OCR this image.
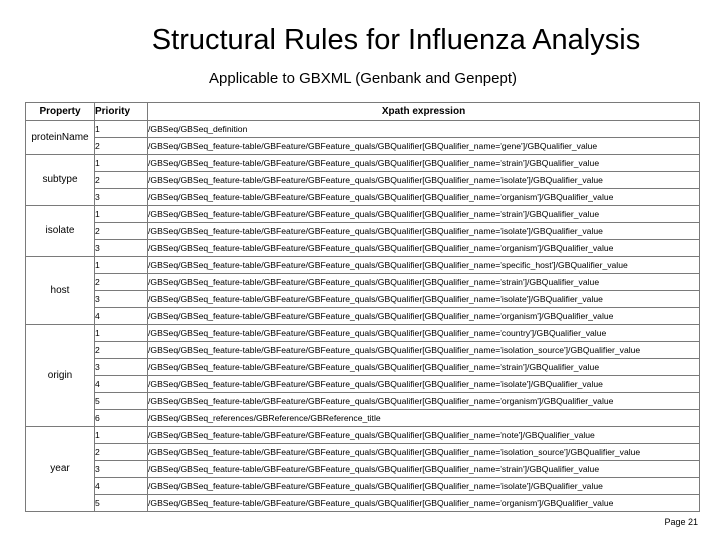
Structural Rules for Influenza Analysis
Applicable to GBXML (Genbank and Genpept)
Property	Priority	Xpath expression
proteinName	1	/GBSeq/GBSeq_definition
	2	/GBSeq/GBSeq_feature-table/GBFeature/GBFeature_quals/GBQualifier[GBQualifier_name='gene']/GBQualifier_value
subtype	1	/GBSeq/GBSeq_feature-table/GBFeature/GBFeature_quals/GBQualifier[GBQualifier_name='strain']/GBQualifier_value
	2	/GBSeq/GBSeq_feature-table/GBFeature/GBFeature_quals/GBQualifier[GBQualifier_name='isolate']/GBQualifier_value
	3	/GBSeq/GBSeq_feature-table/GBFeature/GBFeature_quals/GBQualifier[GBQualifier_name='organism']/GBQualifier_value
isolate	1	/GBSeq/GBSeq_feature-table/GBFeature/GBFeature_quals/GBQualifier[GBQualifier_name='strain']/GBQualifier_value
	2	/GBSeq/GBSeq_feature-table/GBFeature/GBFeature_quals/GBQualifier[GBQualifier_name='isolate']/GBQualifier_value
	3	/GBSeq/GBSeq_feature-table/GBFeature/GBFeature_quals/GBQualifier[GBQualifier_name='organism']/GBQualifier_value
host	1	/GBSeq/GBSeq_feature-table/GBFeature/GBFeature_quals/GBQualifier[GBQualifier_name='specific_host']/GBQualifier_value
	2	/GBSeq/GBSeq_feature-table/GBFeature/GBFeature_quals/GBQualifier[GBQualifier_name='strain']/GBQualifier_value
	3	/GBSeq/GBSeq_feature-table/GBFeature/GBFeature_quals/GBQualifier[GBQualifier_name='isolate']/GBQualifier_value
	4	/GBSeq/GBSeq_feature-table/GBFeature/GBFeature_quals/GBQualifier[GBQualifier_name='organism']/GBQualifier_value
origin	1	/GBSeq/GBSeq_feature-table/GBFeature/GBFeature_quals/GBQualifier[GBQualifier_name='country']/GBQualifier_value
	2	/GBSeq/GBSeq_feature-table/GBFeature/GBFeature_quals/GBQualifier[GBQualifier_name='isolation_source']/GBQualifier_value
	3	/GBSeq/GBSeq_feature-table/GBFeature/GBFeature_quals/GBQualifier[GBQualifier_name='strain']/GBQualifier_value
	4	/GBSeq/GBSeq_feature-table/GBFeature/GBFeature_quals/GBQualifier[GBQualifier_name='isolate']/GBQualifier_value
	5	/GBSeq/GBSeq_feature-table/GBFeature/GBFeature_quals/GBQualifier[GBQualifier_name='organism']/GBQualifier_value
	6	/GBSeq/GBSeq_references/GBReference/GBReference_title
year	1	/GBSeq/GBSeq_feature-table/GBFeature/GBFeature_quals/GBQualifier[GBQualifier_name='note']/GBQualifier_value
	2	/GBSeq/GBSeq_feature-table/GBFeature/GBFeature_quals/GBQualifier[GBQualifier_name='isolation_source']/GBQualifier_value
	3	/GBSeq/GBSeq_feature-table/GBFeature/GBFeature_quals/GBQualifier[GBQualifier_name='strain']/GBQualifier_value
	4	/GBSeq/GBSeq_feature-table/GBFeature/GBFeature_quals/GBQualifier[GBQualifier_name='isolate']/GBQualifier_value
	5	/GBSeq/GBSeq_feature-table/GBFeature/GBFeature_quals/GBQualifier[GBQualifier_name='organism']/GBQualifier_value
Page 21
